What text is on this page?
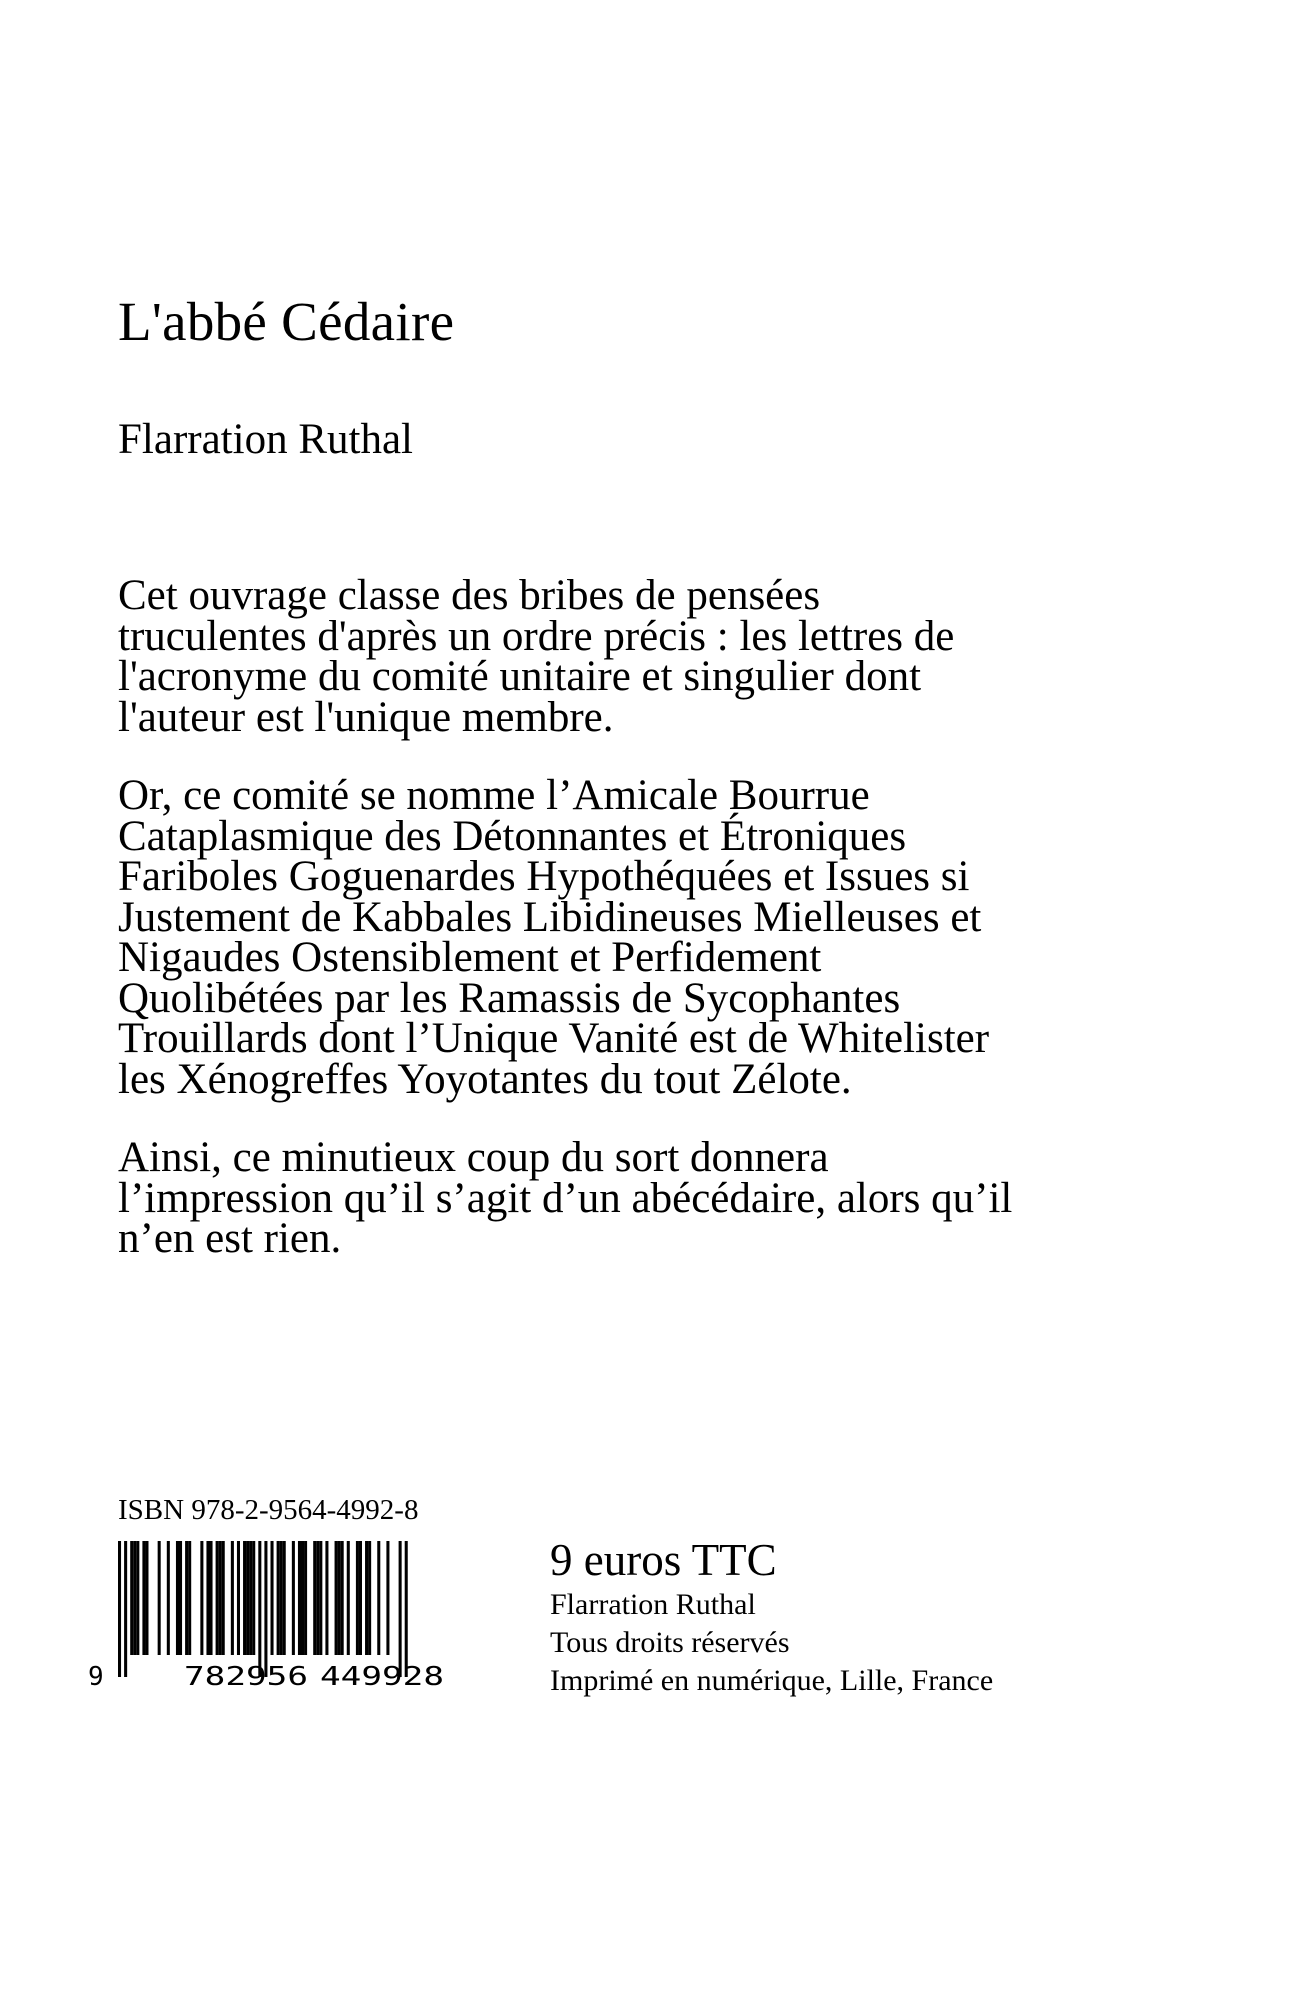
L'abbé Cédaire
Flarration Ruthal

Cet ouvrage classe des bribes de pensées truculentes d'après un ordre précis : les lettres de l'acronyme du comité unitaire et singulier dont l'auteur est l'unique membre.

Or, ce comité se nomme l’Amicale Bourrue Cataplasmique des Détonnantes et Étroniques Fariboles Goguenardes Hypothéquées et Issues si Justement de Kabbales Libidineuses Mielleuses et Nigaudes Ostensiblement et Perfidement Quolibétées par les Ramassis de Sycophantes Trouillards dont l’Unique Vanité est de Whitelister les Xénogreffes Yoyotantes du tout Zélote.

Ainsi, ce minutieux coup du sort donnera l’impression qu’il s’agit d’un abécédaire, alors qu’il n’en est rien.

ISBN 978-2-9564-4992-8
9	782956 449928
9 euros TTC
Flarration Ruthal
Tous droits réservés
Imprimé en numérique, Lille, France
